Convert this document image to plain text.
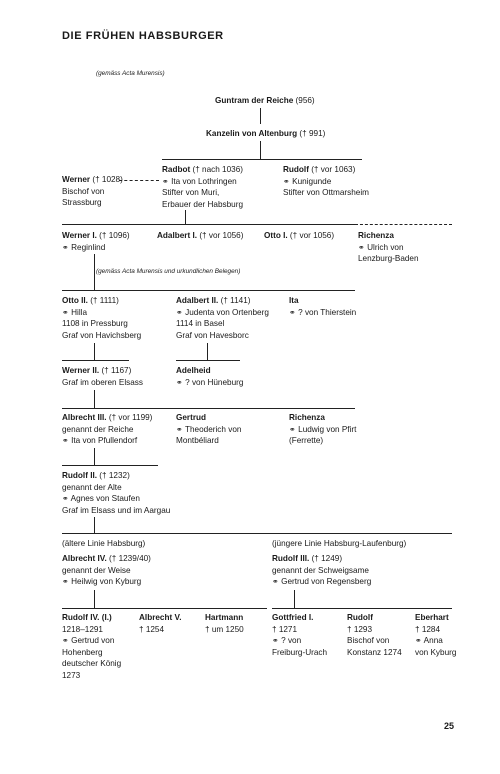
DIE FRÜHEN HABSBURGER
(gemäss Acta Murensis)
(gemäss Acta Murensis und urkundlichen Belegen)
Guntram der Reiche (956)
Kanzelin von Altenburg († 991)
Radbot († nach 1036)
⚭ Ita von Lothringen
Stifter von Muri,
Erbauer der Habsburg
Rudolf († vor 1063)
⚭ Kunigunde
Stifter von Ottmarsheim
Werner († 1028)
Bischof von
Strassburg
Werner I. († 1096)
⚭ Reginlind
Adalbert I. († vor 1056)	Otto I. († vor 1056)	Richenza
⚭ Ulrich von
Lenzburg-Baden
Otto II. († 1111)
⚭ Hilla
1108 in Pressburg
Graf von Havichsberg
Adalbert II. († 1141)
⚭ Judenta von Ortenberg
1114 in Basel
Graf von Havesborc
Ita
⚭ ? von Thierstein
Werner II. († 1167)
Graf im oberen Elsass
Adelheid
⚭ ? von Hüneburg
Albrecht III. († vor 1199)
genannt der Reiche
⚭ Ita von Pfullendorf
Gertrud
⚭ Theoderich von
Montbéliard
Richenza
⚭ Ludwig von Pfirt
(Ferrette)
Rudolf II. († 1232)
genannt der Alte
⚭ Agnes von Staufen
Graf im Elsass und im Aargau
(ältere Linie Habsburg)	(jüngere Linie Habsburg-Laufenburg)
Albrecht IV. († 1239/40)
genannt der Weise
⚭ Heilwig von Kyburg
Rudolf III. († 1249)
genannt der Schweigsame
⚭ Gertrud von Regensberg
Rudolf IV. (I.)
1218–1291
⚭ Gertrud von
Hohenberg
deutscher König
1273
Albrecht V.
† 1254
Hartmann
† um 1250
Gottfried I.
† 1271
⚭ ? von
Freiburg-Urach
Rudolf
† 1293
Bischof von
Konstanz 1274
Eberhart
† 1284
⚭ Anna
von Kyburg
25
